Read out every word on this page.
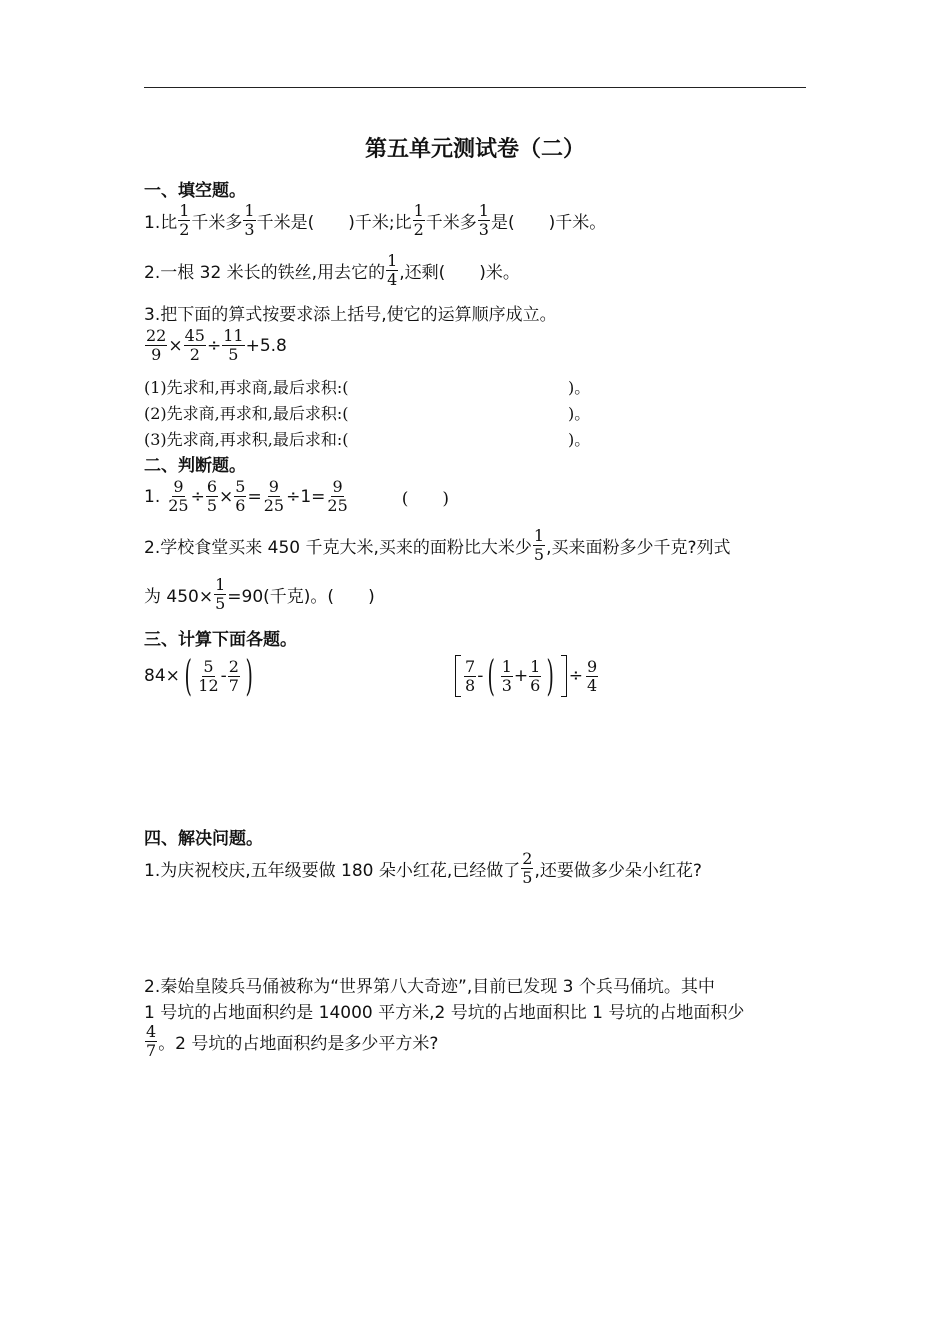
第五单元测试卷（二）
一、填空题。
1.比
1
2 千米多
1
3 千米是(　　)千米;比
1
2 千米多
1
3 是(　　)千米。
2.一根 32 米长的铁丝,用去它的
1
4 ,还剩(　　)米。
3.把下面的算式按要求添上括号,使它的运算顺序成立。
$\frac{22}{9} \times \frac{45}{2} \div \frac{11}{5} +5.8$
(1)先求和,再求商,最后求积:(	)。
(2)先求商,再求和,最后求积:(	)。
(3)先求商,再求积,最后求和:(	)。
二、判断题。
1. $\frac{9}{25} \div \frac{6}{5} \times \frac{5}{6} = \frac{9}{25} \div 1= \frac{9}{25}$	(　　)
2.学校食堂买来 450 千克大米,买来的面粉比大米少
1
5 ,买来面粉多少千克?列式
为 $450\times \frac{1}{5} =90$(千克)。(　　)
三、计算下面各题。
84× ( 5
12 - 2
7 )	7
8 - ( 1
$3 + \frac{1}{6}$ ) ÷ $\frac{9}{4}$
四、解决问题。
1.为庆祝校庆,五年级要做 180 朵小红花,已经做了
2
5 ,还要做多少朵小红花?
2.秦始皇陵兵马俑被称为“世界第八大奇迹”,目前已发现 3 个兵马俑坑。其中
1 号坑的占地面积约是 14000 平方米,2 号坑的占地面积比 1 号坑的占地面积少
4
7 。2 号坑的占地面积约是多少平方米?
